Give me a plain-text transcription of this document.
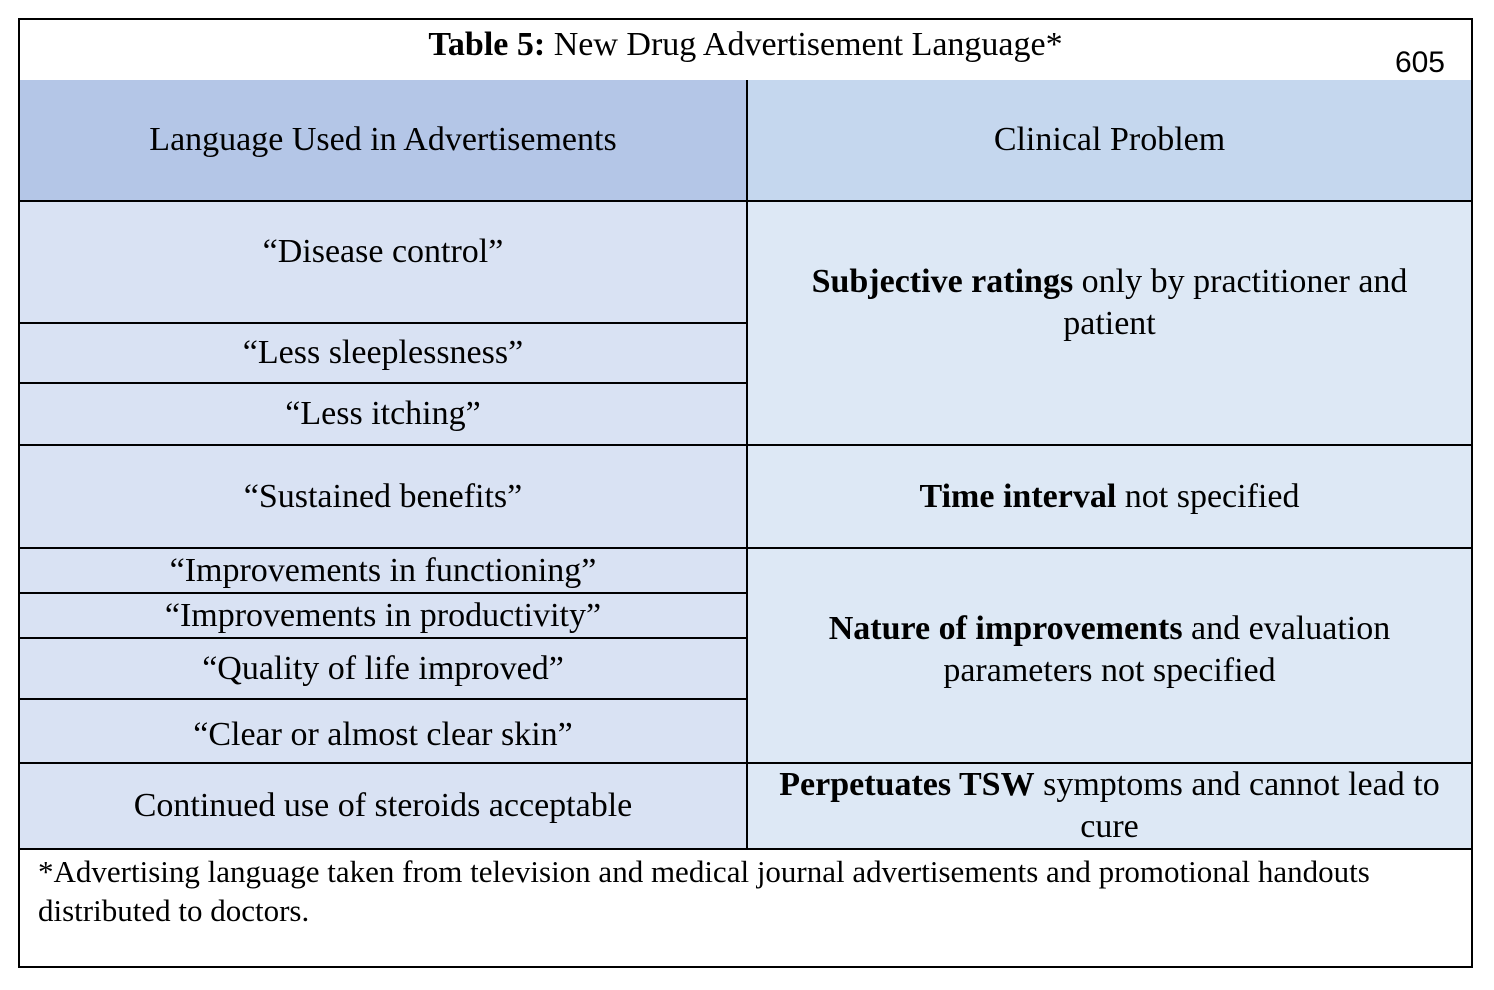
Table 5: New Drug Advertisement Language*	605
Language Used in Advertisements	Clinical Problem
“Disease control”
“Less sleeplessness”
“Less itching”
“Sustained benefits”
“Improvements in functioning”
“Improvements in productivity”
“Quality of life improved”
“Clear or almost clear skin”
Continued use of steroids acceptable
Subjective ratings only by practitioner and patient
Time interval not specified
Nature of improvements and evaluation parameters not specified
Perpetuates TSW symptoms and cannot lead to cure
*Advertising language taken from television and medical journal advertisements and promotional handouts distributed to doctors.
